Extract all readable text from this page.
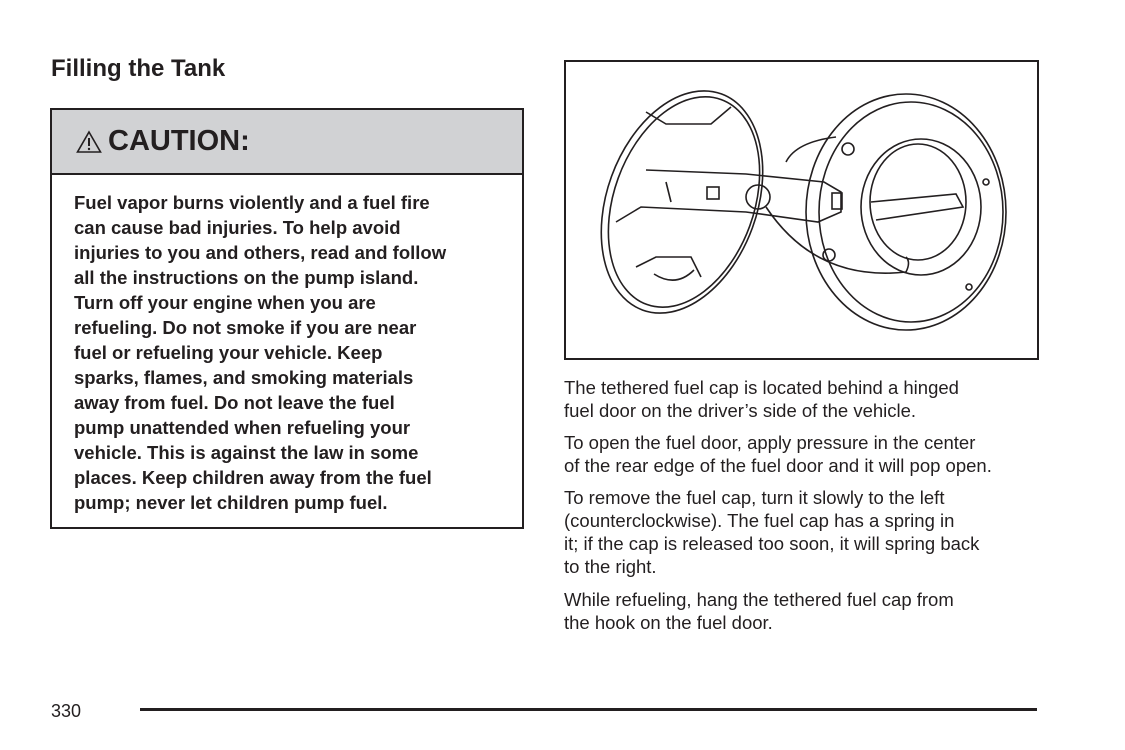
Filling the Tank
CAUTION:
Fuel vapor burns violently and a fuel fire
can cause bad injuries. To help avoid
injuries to you and others, read and follow
all the instructions on the pump island.
Turn off your engine when you are
refueling. Do not smoke if you are near
fuel or refueling your vehicle. Keep
sparks, flames, and smoking materials
away from fuel. Do not leave the fuel
pump unattended when refueling your
vehicle. This is against the law in some
places. Keep children away from the fuel
pump; never let children pump fuel.
The tethered fuel cap is located behind a hinged
fuel door on the driver’s side of the vehicle.
To open the fuel door, apply pressure in the center
of the rear edge of the fuel door and it will pop open.
To remove the fuel cap, turn it slowly to the left
(counterclockwise). The fuel cap has a spring in
it; if the cap is released too soon, it will spring back
to the right.
While refueling, hang the tethered fuel cap from
the hook on the fuel door.
330
